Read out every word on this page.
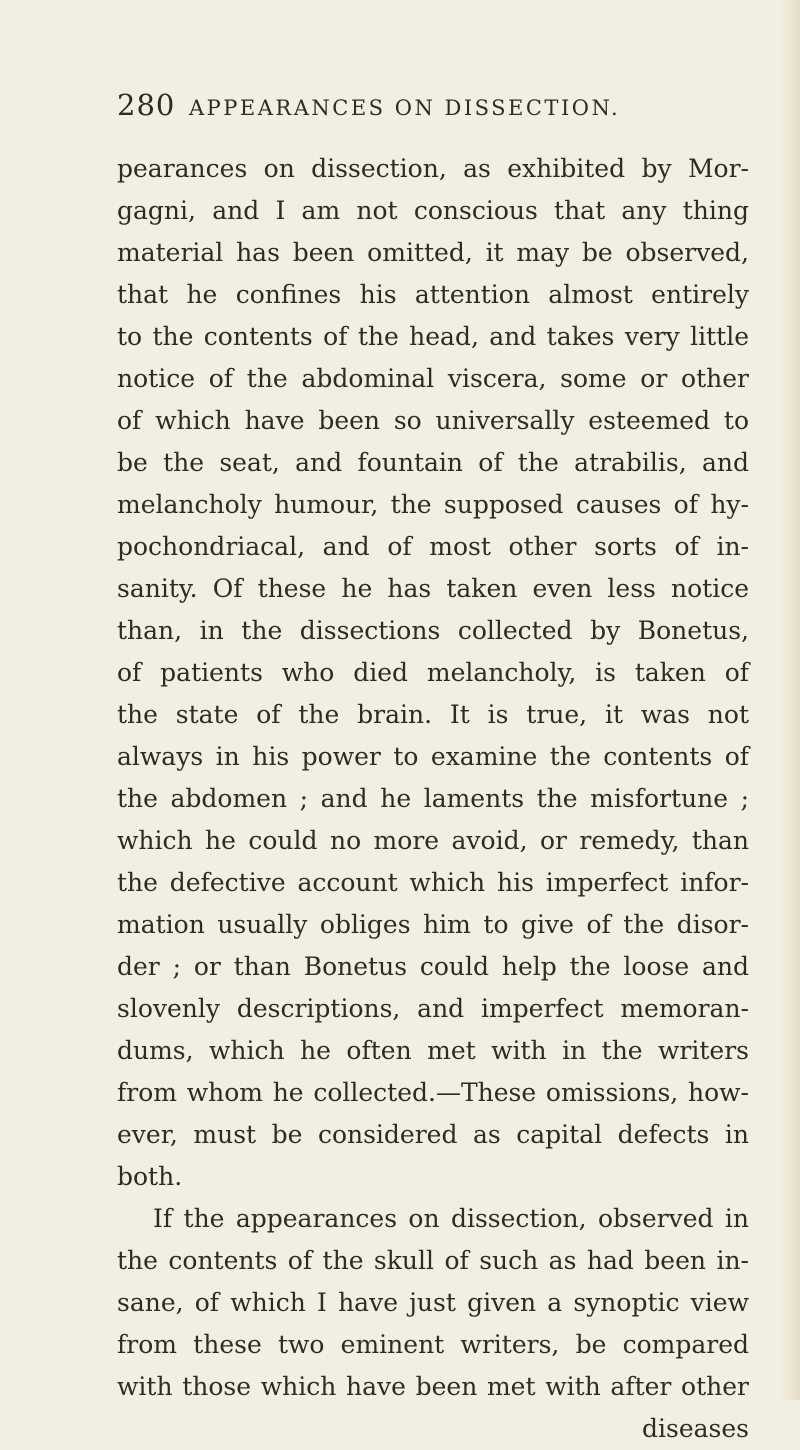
280 APPEARANCES ON DISSECTION.
pearances on dissection, as exhibited by Mor-
gagni, and I am not conscious that any thing
material has been omitted, it may be observed,
that he confines his attention almost entirely
to the contents of the head, and takes very little
notice of the abdominal viscera, some or other
of which have been so universally esteemed to
be the seat, and fountain of the atrabilis, and
melancholy humour, the supposed causes of hy-
pochondriacal, and of most other sorts of in-
sanity. Of these he has taken even less notice
than, in the dissections collected by Bonetus,
of patients who died melancholy, is taken of
the state of the brain. It is true, it was not
always in his power to examine the contents of
the abdomen ; and he laments the misfortune ;
which he could no more avoid, or remedy, than
the defective account which his imperfect infor-
mation usually obliges him to give of the disor-
der ; or than Bonetus could help the loose and
slovenly descriptions, and imperfect memoran-
dums, which he often met with in the writers
from whom he collected.—These omissions, how-
ever, must be considered as capital defects in
both.
If the appearances on dissection, observed in
the contents of the skull of such as had been in-
sane, of which I have just given a synoptic view
from these two eminent writers, be compared
with those which have been met with after other
diseases
